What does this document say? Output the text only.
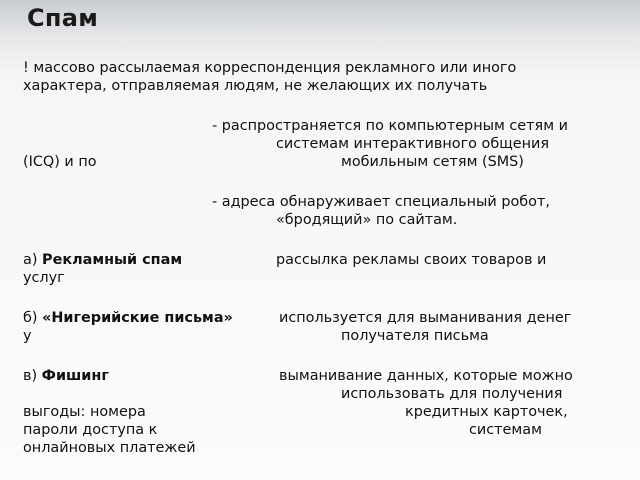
Спам
! массово рассылаемая корреспонденция рекламного или иного
характера, отправляемая людям, не желающих их получать
- распространяется по компьютерным сетям и
системам интерактивного общения
(ICQ) и по	мобильным сетям (SMS)
- адреса обнаруживает специальный робот,
«бродящий» по сайтам.
а) Рекламный спам	рассылка рекламы своих товаров и
услуг
б) «Нигерийские письма»	используется для выманивания денег
у	получателя письма
в) Фишинг	выманивание данных, которые можно
использовать для получения
выгоды: номера	кредитных карточек,
пароли доступа к	системам
онлайновых платежей
